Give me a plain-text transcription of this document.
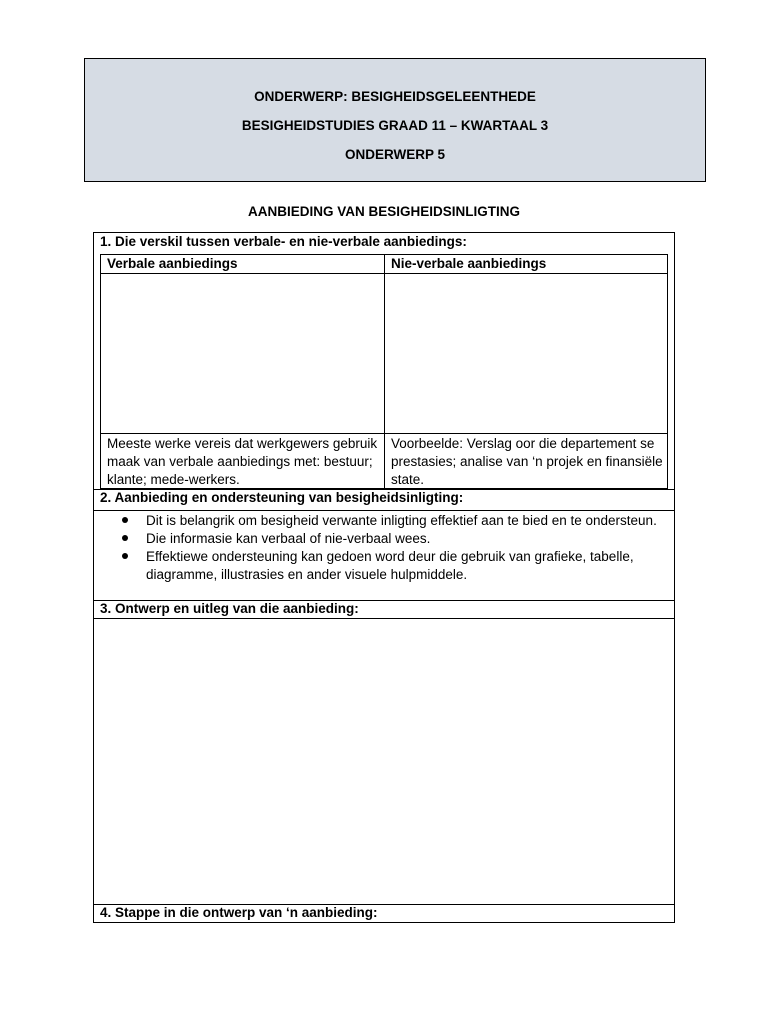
ONDERWERP: BESIGHEIDSGELEENTHEDE
BESIGHEIDSTUDIES GRAAD 11 – KWARTAAL 3
ONDERWERP 5
AANBIEDING VAN BESIGHEIDSINLIGTING
1. Die verskil tussen verbale- en nie-verbale aanbiedings:
Verbale aanbiedings	Nie-verbale aanbiedings
Meeste werke vereis dat werkgewers gebruik maak van verbale aanbiedings met: bestuur; klante; mede-werkers.
Voorbeelde: Verslag oor die departement se prestasies; analise van ‘n projek en finansiële state.
2. Aanbieding en ondersteuning van besigheidsinligting:
Dit is belangrik om besigheid verwante inligting effektief aan te bied en te ondersteun.
Die informasie kan verbaal of nie-verbaal wees.
Effektiewe ondersteuning kan gedoen word deur die gebruik van grafieke, tabelle, diagramme, illustrasies en ander visuele hulpmiddele.
3. Ontwerp en uitleg van die aanbieding:
4. Stappe in die ontwerp van ‘n aanbieding:
